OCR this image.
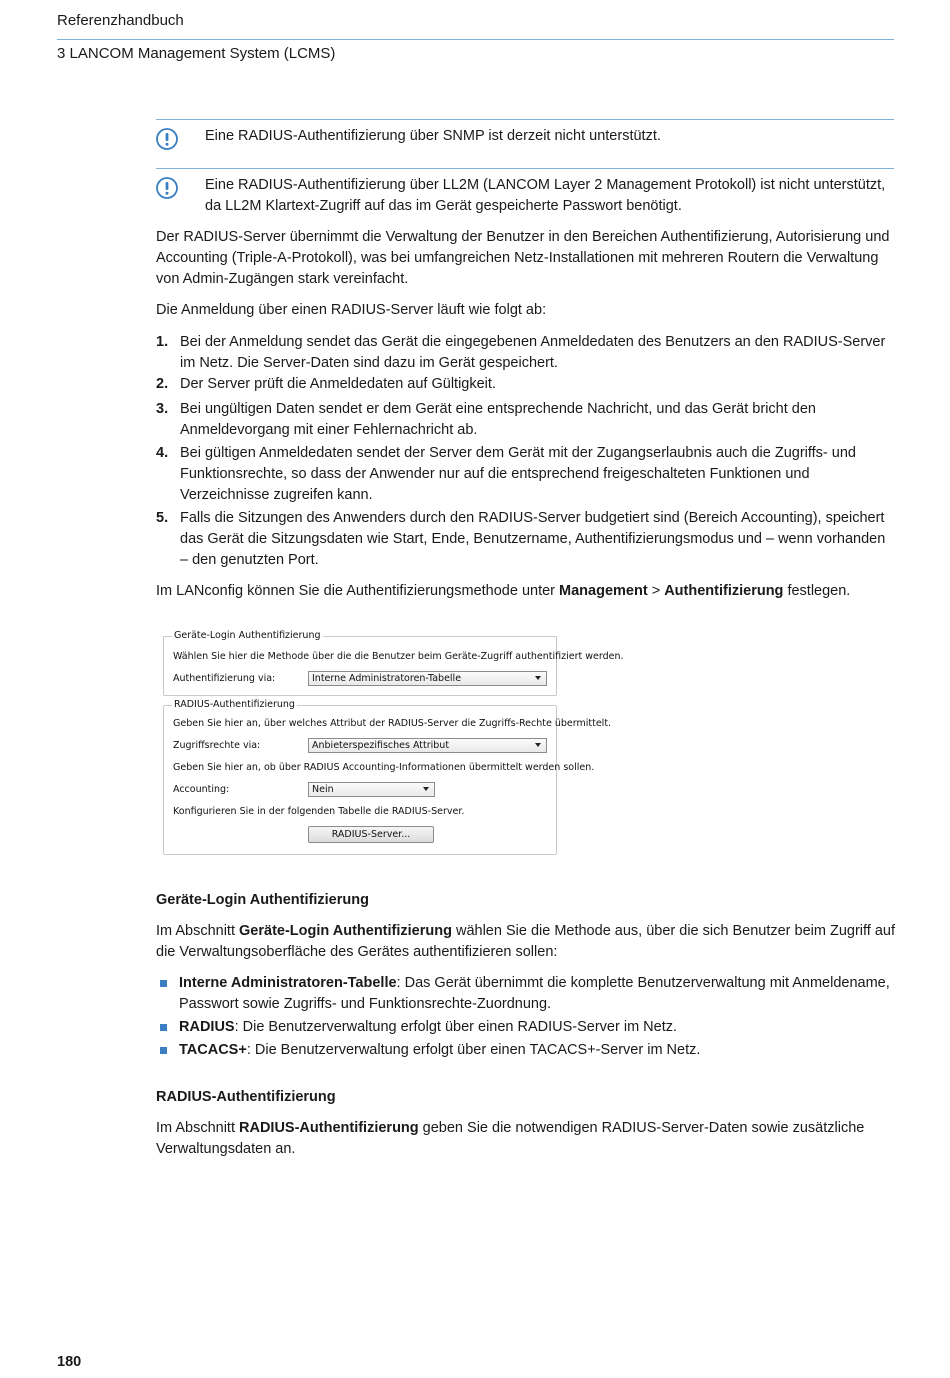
Referenzhandbuch
3 LANCOM Management System (LCMS)
Eine RADIUS-Authentifizierung über SNMP ist derzeit nicht unterstützt.
Eine RADIUS-Authentifizierung über LL2M (LANCOM Layer 2 Management Protokoll) ist nicht unterstützt, da LL2M Klartext-Zugriff auf das im Gerät gespeicherte Passwort benötigt.

Der RADIUS-Server übernimmt die Verwaltung der Benutzer in den Bereichen Authentifizierung, Autorisierung und Accounting (Triple-A-Protokoll), was bei umfangreichen Netz-Installationen mit mehreren Routern die Verwaltung von Admin-Zugängen stark vereinfacht.

Die Anmeldung über einen RADIUS-Server läuft wie folgt ab:

1. Bei der Anmeldung sendet das Gerät die eingegebenen Anmeldedaten des Benutzers an den RADIUS-Server im Netz. Die Server-Daten sind dazu im Gerät gespeichert.
2. Der Server prüft die Anmeldedaten auf Gültigkeit.
3. Bei ungültigen Daten sendet er dem Gerät eine entsprechende Nachricht, und das Gerät bricht den Anmeldevorgang mit einer Fehlernachricht ab.
4. Bei gültigen Anmeldedaten sendet der Server dem Gerät mit der Zugangserlaubnis auch die Zugriffs- und Funktionsrechte, so dass der Anwender nur auf die entsprechend freigeschalteten Funktionen und Verzeichnisse zugreifen kann.
5. Falls die Sitzungen des Anwenders durch den RADIUS-Server budgetiert sind (Bereich Accounting), speichert das Gerät die Sitzungsdaten wie Start, Ende, Benutzername, Authentifizierungsmodus und – wenn vorhanden – den genutzten Port.

Im LANconfig können Sie die Authentifizierungsmethode unter Management > Authentifizierung festlegen.

Geräte-Login Authentifizierung
Wählen Sie hier die Methode über die die Benutzer beim Geräte-Zugriff authentifiziert werden.
Authentifizierung via:	Interne Administratoren-Tabelle
RADIUS-Authentifizierung
Geben Sie hier an, über welches Attribut der RADIUS-Server die Zugriffs-Rechte übermittelt.
Zugriffsrechte via:	Anbieterspezifisches Attribut
Geben Sie hier an, ob über RADIUS Accounting-Informationen übermittelt werden sollen.
Accounting:	Nein
Konfigurieren Sie in der folgenden Tabelle die RADIUS-Server.
RADIUS-Server...
Geräte-Login Authentifizierung

Im Abschnitt Geräte-Login Authentifizierung wählen Sie die Methode aus, über die sich Benutzer beim Zugriff auf die Verwaltungsoberfläche des Gerätes authentifizieren sollen:

Interne Administratoren-Tabelle: Das Gerät übernimmt die komplette Benutzerverwaltung mit Anmeldename, Passwort sowie Zugriffs- und Funktionsrechte-Zuordnung.
RADIUS: Die Benutzerverwaltung erfolgt über einen RADIUS-Server im Netz.
TACACS+: Die Benutzerverwaltung erfolgt über einen TACACS+-Server im Netz.
RADIUS-Authentifizierung

Im Abschnitt RADIUS-Authentifizierung geben Sie die notwendigen RADIUS-Server-Daten sowie zusätzliche Verwaltungsdaten an.

180
